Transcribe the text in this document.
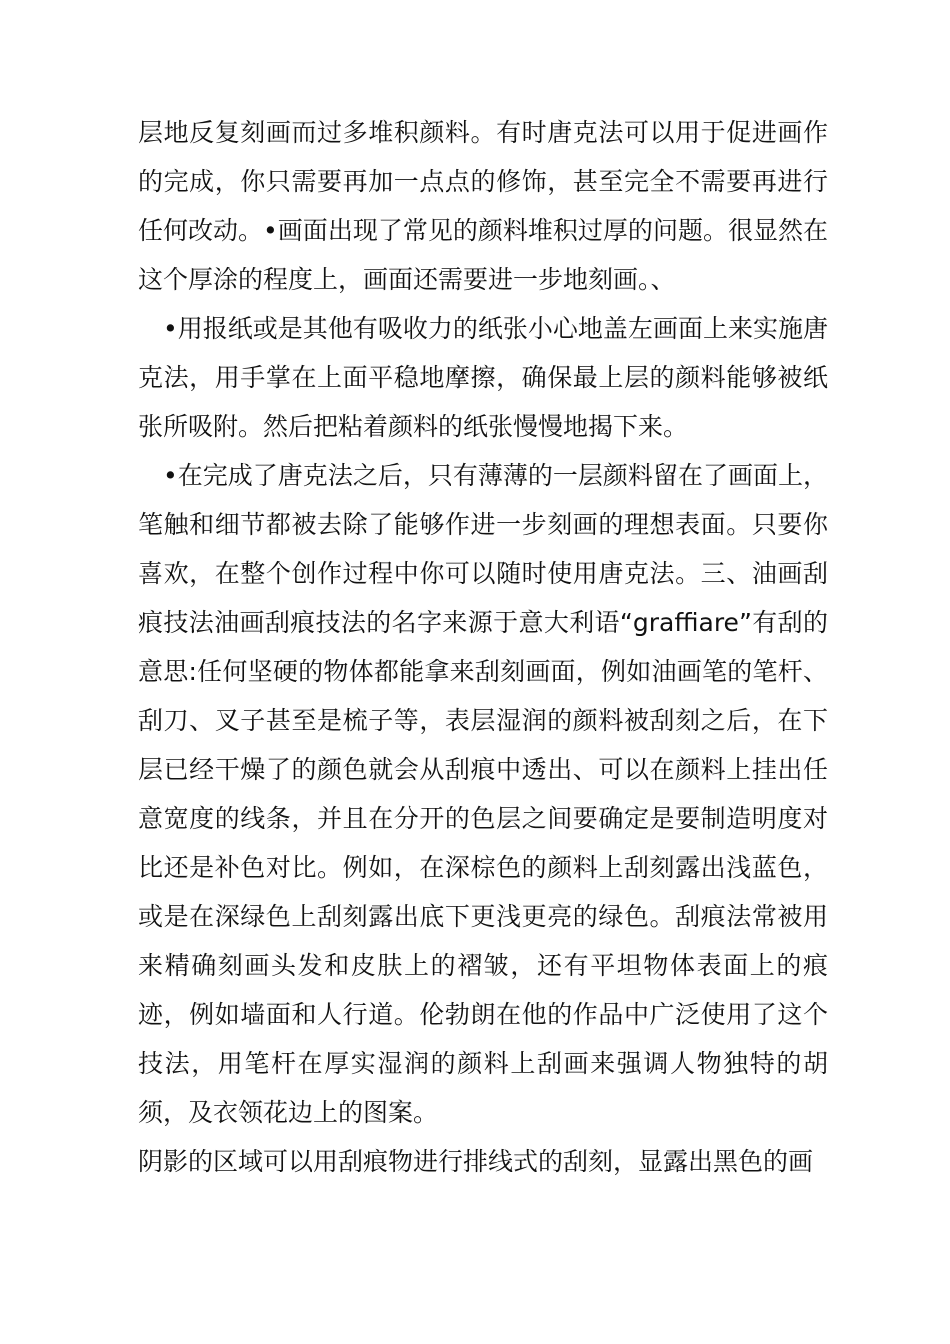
层地反复刻画而过多堆积颜料。有时唐克法可以用于促进画作的完成，你只需要再加一点点的修饰，甚至完全不需要再进行任何改动。•画面出现了常见的颜料堆积过厚的问题。很显然在这个厚涂的程度上，画面还需要进一步地刻画。、

•用报纸或是其他有吸收力的纸张小心地盖左画面上来实施唐克法，用手掌在上面平稳地摩擦，确保最上层的颜料能够被纸张所吸附。然后把粘着颜料的纸张慢慢地揭下来。

•在完成了唐克法之后，只有薄薄的一层颜料留在了画面上，笔触和细节都被去除了能够作进一步刻画的理想表面。只要你喜欢，在整个创作过程中你可以随时使用唐克法。三、油画刮痕技法油画刮痕技法的名字来源于意大利语“graffiare”有刮的意思:任何坚硬的物体都能拿来刮刻画面，例如油画笔的笔杆、刮刀、叉子甚至是梳子等，表层湿润的颜料被刮刻之后，在下层已经干燥了的颜色就会从刮痕中透出、可以在颜料上挂出任意宽度的线条，并且在分开的色层之间要确定是要制造明度对比还是补色对比。例如，在深棕色的颜料上刮刻露出浅蓝色，或是在深绿色上刮刻露出底下更浅更亮的绿色。刮痕法常被用来精确刻画头发和皮肤上的褶皱，还有平坦物体表面上的痕迹，例如墙面和人行道。伦勃朗在他的作品中广泛使用了这个技法，用笔杆在厚实湿润的颜料上刮画来强调人物独特的胡须，及衣领花边上的图案。

阴影的区域可以用刮痕物进行排线式的刮刻，显露出黑色的画
